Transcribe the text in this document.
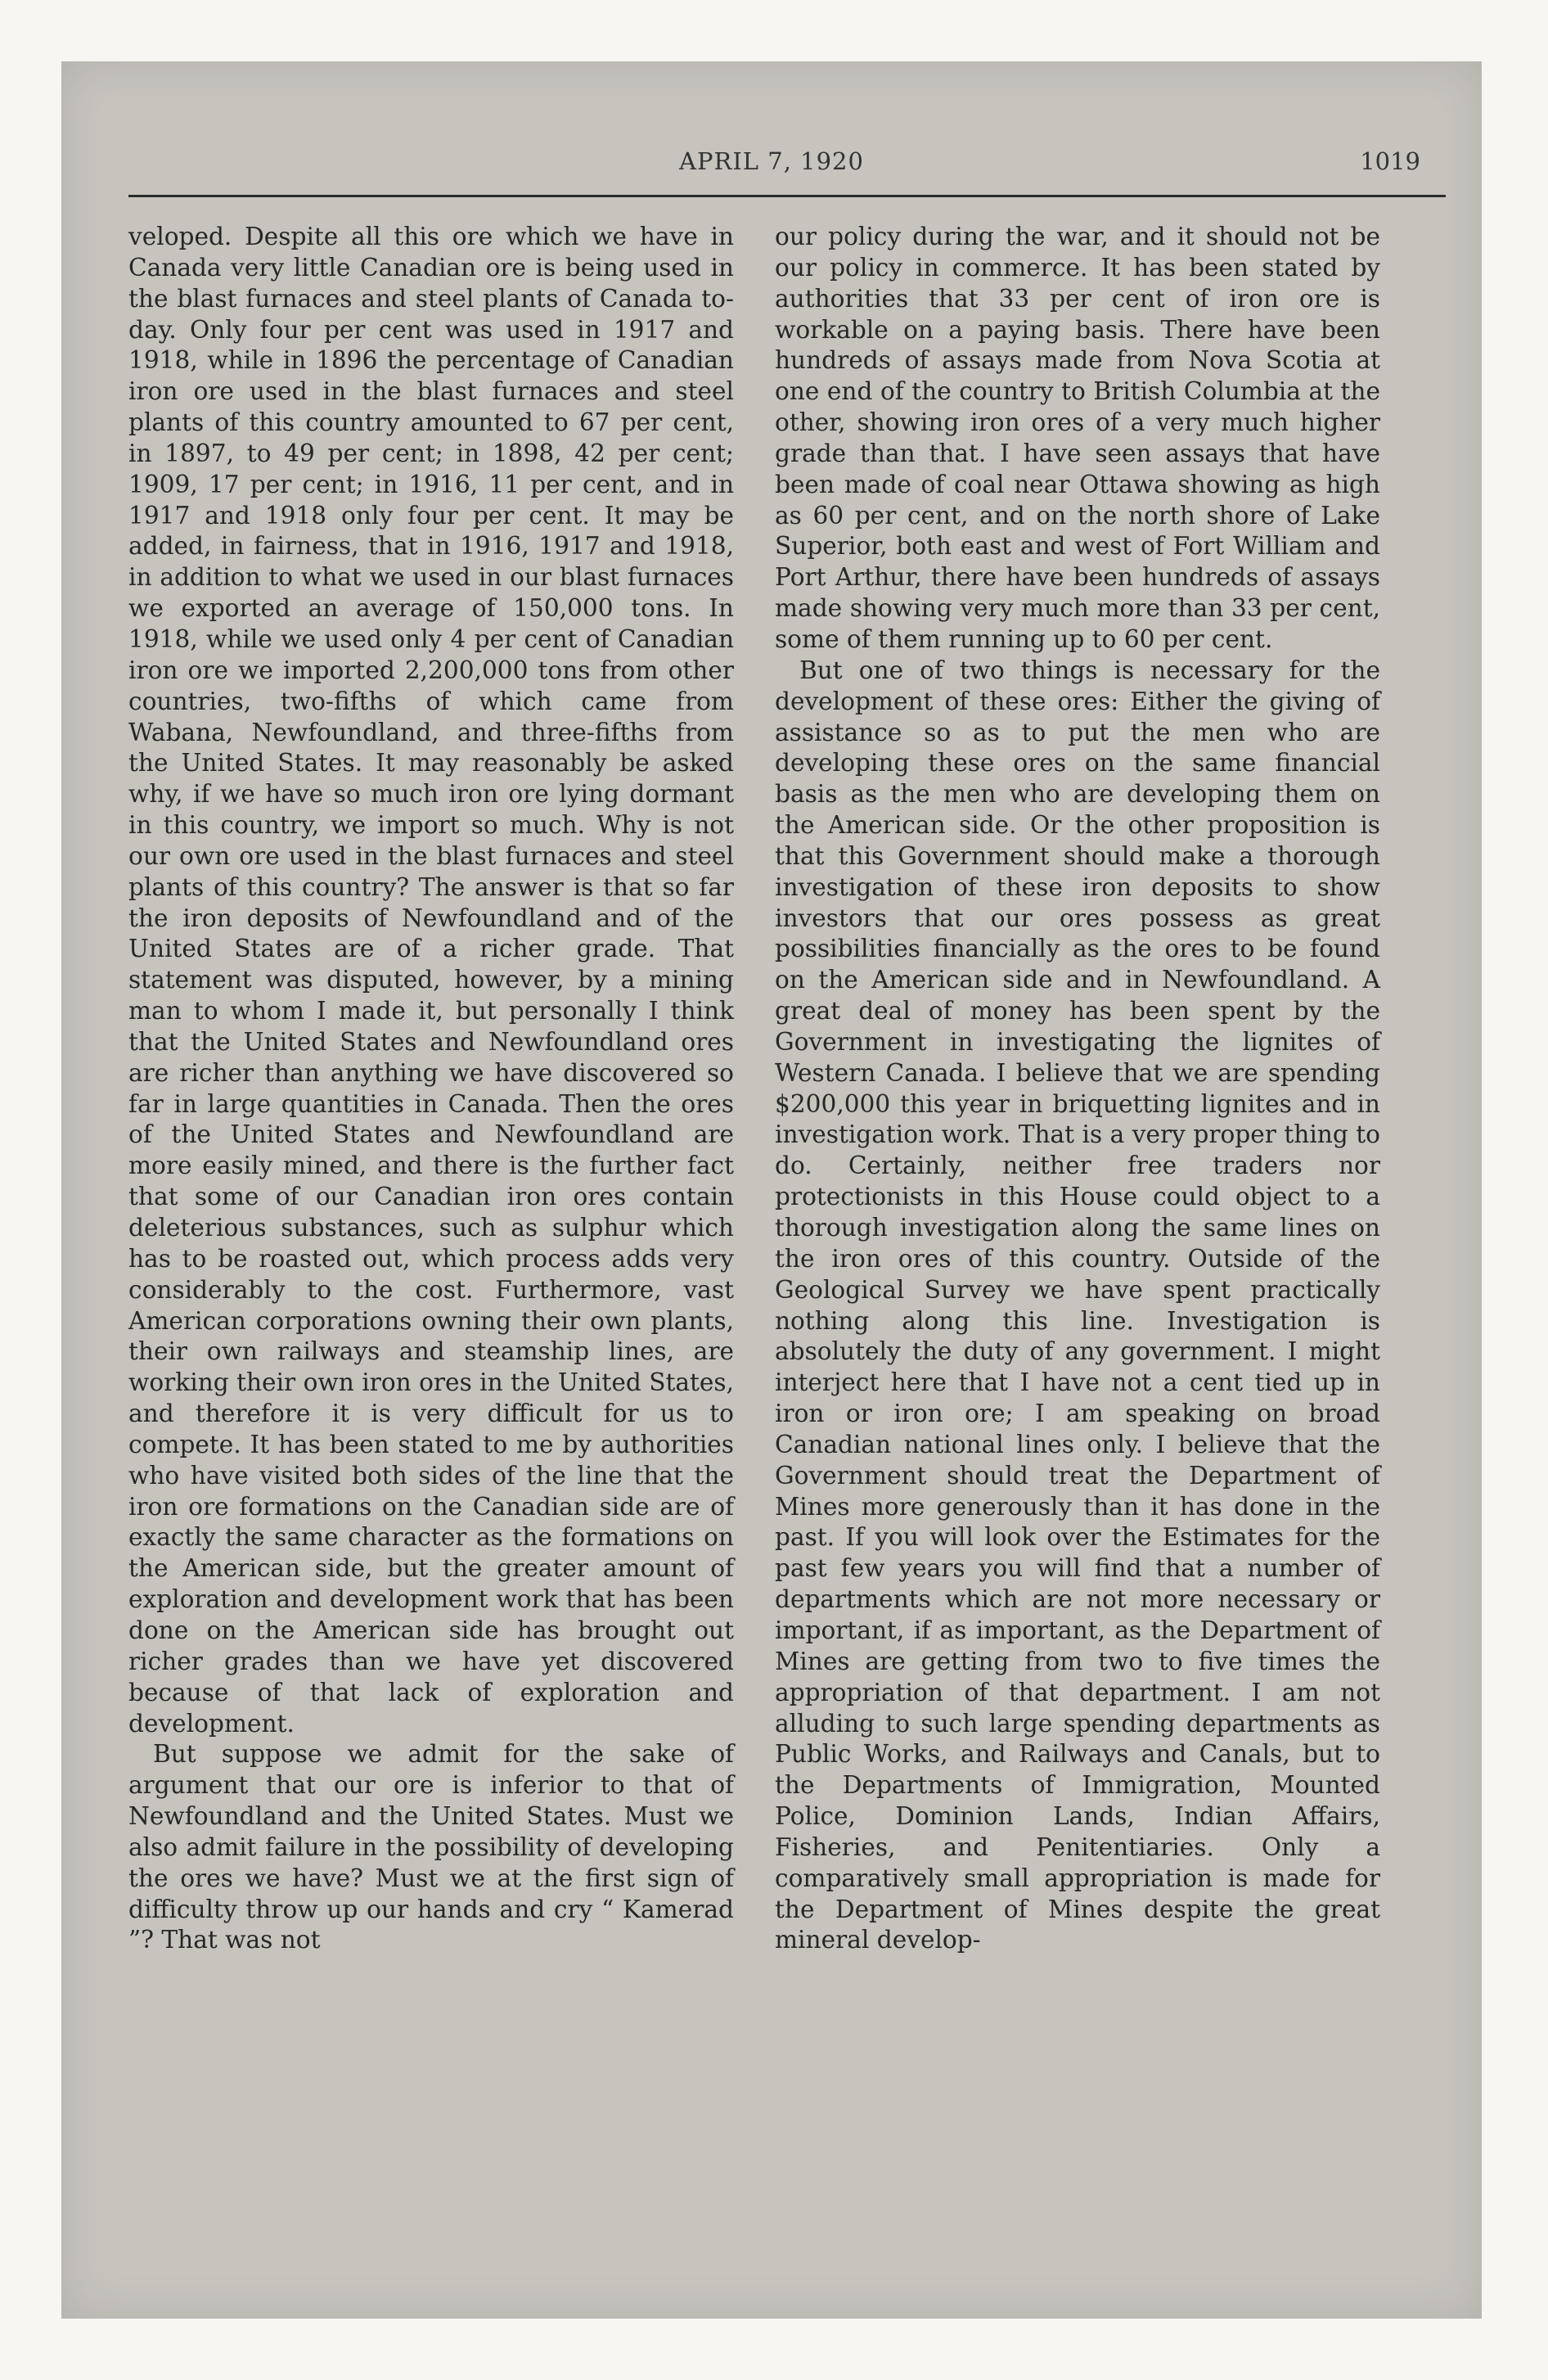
APRIL 7, 1920	1019

veloped. Despite all this ore which we have in Canada very little Canadian ore is being used in the blast furnaces and steel plants of Canada to-day. Only four per cent was used in 1917 and 1918, while in 1896 the percentage of Canadian iron ore used in the blast furnaces and steel plants of this country amounted to 67 per cent, in 1897, to 49 per cent; in 1898, 42 per cent; 1909, 17 per cent; in 1916, 11 per cent, and in 1917 and 1918 only four per cent. It may be added, in fairness, that in 1916, 1917 and 1918, in addition to what we used in our blast furnaces we exported an average of 150,000 tons. In 1918, while we used only 4 per cent of Canadian iron ore we imported 2,200,000 tons from other countries, two-fifths of which came from Wabana, Newfoundland, and three-fifths from the United States. It may reasonably be asked why, if we have so much iron ore lying dormant in this country, we import so much. Why is not our own ore used in the blast furnaces and steel plants of this country? The answer is that so far the iron deposits of Newfoundland and of the United States are of a richer grade. That statement was disputed, however, by a mining man to whom I made it, but personally I think that the United States and Newfoundland ores are richer than anything we have discovered so far in large quantities in Canada. Then the ores of the United States and Newfoundland are more easily mined, and there is the further fact that some of our Canadian iron ores contain deleterious substances, such as sulphur which has to be roasted out, which process adds very considerably to the cost. Furthermore, vast American corporations owning their own plants, their own railways and steamship lines, are working their own iron ores in the United States, and therefore it is very difficult for us to compete. It has been stated to me by authorities who have visited both sides of the line that the iron ore formations on the Canadian side are of exactly the same character as the formations on the American side, but the greater amount of exploration and development work that has been done on the American side has brought out richer grades than we have yet discovered because of that lack of exploration and development.

But suppose we admit for the sake of argument that our ore is inferior to that of Newfoundland and the United States. Must we also admit failure in the possibility of developing the ores we have? Must we at the first sign of difficulty throw up our hands and cry “ Kamerad ”? That was not

our policy during the war, and it should not be our policy in commerce. It has been stated by authorities that 33 per cent of iron ore is workable on a paying basis. There have been hundreds of assays made from Nova Scotia at one end of the country to British Columbia at the other, showing iron ores of a very much higher grade than that. I have seen assays that have been made of coal near Ottawa showing as high as 60 per cent, and on the north shore of Lake Superior, both east and west of Fort William and Port Arthur, there have been hundreds of assays made showing very much more than 33 per cent, some of them running up to 60 per cent.

But one of two things is necessary for the development of these ores: Either the giving of assistance so as to put the men who are developing these ores on the same financial basis as the men who are developing them on the American side. Or the other proposition is that this Government should make a thorough investigation of these iron deposits to show investors that our ores possess as great possibilities financially as the ores to be found on the American side and in Newfoundland. A great deal of money has been spent by the Government in investigating the lignites of Western Canada. I believe that we are spending $200,000 this year in briquetting lignites and in investigation work. That is a very proper thing to do. Certainly, neither free traders nor protectionists in this House could object to a thorough investigation along the same lines on the iron ores of this country. Outside of the Geological Survey we have spent practically nothing along this line. Investigation is absolutely the duty of any government. I might interject here that I have not a cent tied up in iron or iron ore; I am speaking on broad Canadian national lines only. I believe that the Government should treat the Department of Mines more generously than it has done in the past. If you will look over the Estimates for the past few years you will find that a number of departments which are not more necessary or important, if as important, as the Department of Mines are getting from two to five times the appropriation of that department. I am not alluding to such large spending departments as Public Works, and Railways and Canals, but to the Departments of Immigration, Mounted Police, Dominion Lands, Indian Affairs, Fisheries, and Penitentiaries. Only a comparatively small appropriation is made for the Department of Mines despite the great mineral develop-
